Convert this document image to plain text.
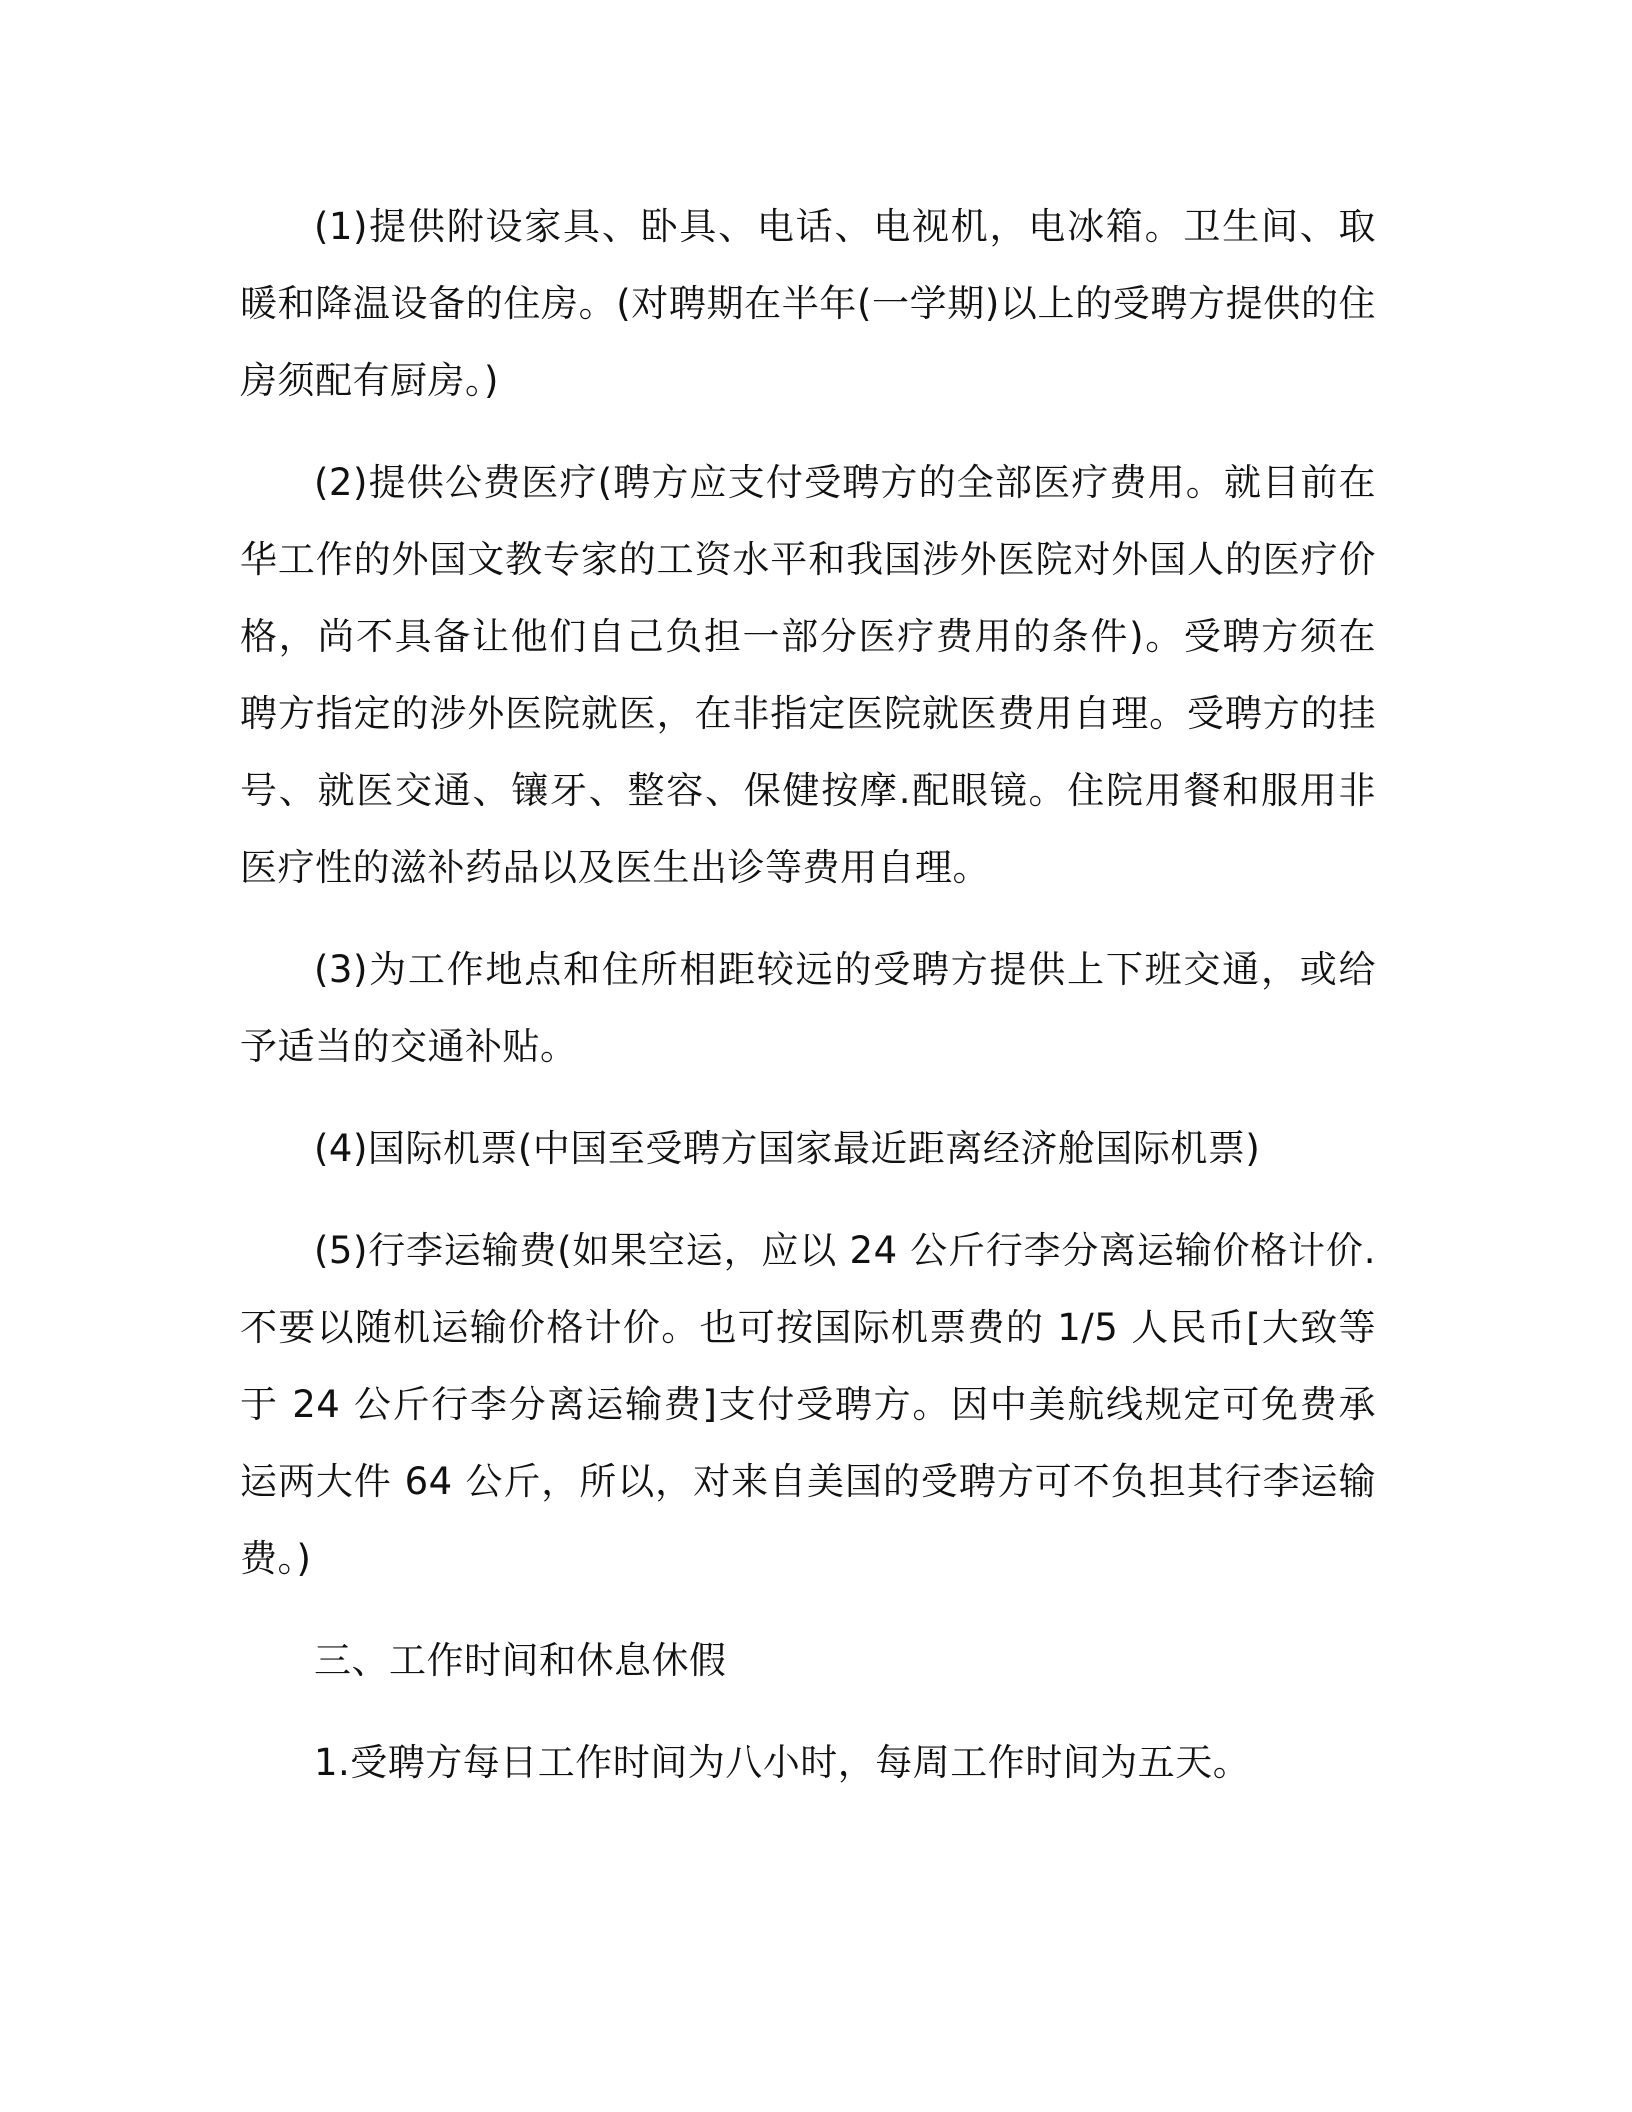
(1)提供附设家具、卧具、电话、电视机，电冰箱。卫生间、取暖和降温设备的住房。(对聘期在半年(一学期)以上的受聘方提供的住房须配有厨房。)

(2)提供公费医疗(聘方应支付受聘方的全部医疗费用。就目前在华工作的外国文教专家的工资水平和我国涉外医院对外国人的医疗价格，尚不具备让他们自己负担一部分医疗费用的条件)。受聘方须在聘方指定的涉外医院就医，在非指定医院就医费用自理。受聘方的挂号、就医交通、镶牙、整容、保健按摩.配眼镜。住院用餐和服用非医疗性的滋补药品以及医生出诊等费用自理。

(3)为工作地点和住所相距较远的受聘方提供上下班交通，或给予适当的交通补贴。

(4)国际机票(中国至受聘方国家最近距离经济舱国际机票)

(5)行李运输费(如果空运，应以 24 公斤行李分离运输价格计价.不要以随机运输价格计价。也可按国际机票费的 1/5 人民币[大致等于 24 公斤行李分离运输费]支付受聘方。因中美航线规定可免费承运两大件 64 公斤，所以，对来自美国的受聘方可不负担其行李运输费。)

三、工作时间和休息休假

1.受聘方每日工作时间为八小时，每周工作时间为五天。
